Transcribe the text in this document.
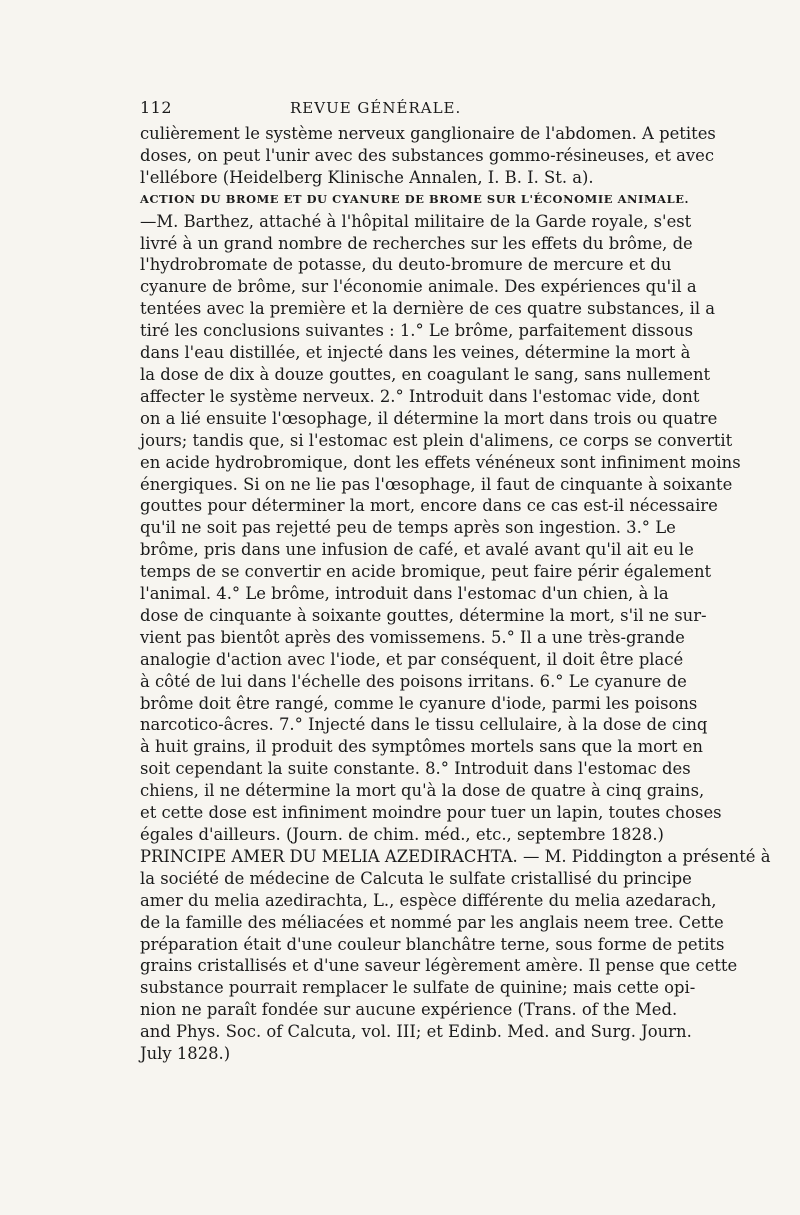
112	REVUE GÉNÉRALE.
culièrement le système nerveux ganglionaire de l'abdomen. A petites
doses, on peut l'unir avec des substances gommo-résineuses, et avec
l'ellébore (Heidelberg Klinische Annalen, I. B. I. St. a).
ACTION DU BROME ET DU CYANURE DE BROME SUR L'ÉCONOMIE ANIMALE.
—M. Barthez, attaché à l'hôpital militaire de la Garde royale, s'est
livré à un grand nombre de recherches sur les effets du brôme, de
l'hydrobromate de potasse, du deuto-bromure de mercure et du
cyanure de brôme, sur l'économie animale. Des expériences qu'il a
tentées avec la première et la dernière de ces quatre substances, il a
tiré les conclusions suivantes : 1.° Le brôme, parfaitement dissous
dans l'eau distillée, et injecté dans les veines, détermine la mort à
la dose de dix à douze gouttes, en coagulant le sang, sans nullement
affecter le système nerveux. 2.° Introduit dans l'estomac vide, dont
on a lié ensuite l'œsophage, il détermine la mort dans trois ou quatre
jours; tandis que, si l'estomac est plein d'alimens, ce corps se convertit
en acide hydrobromique, dont les effets vénéneux sont infiniment moins
énergiques. Si on ne lie pas l'œsophage, il faut de cinquante à soixante
gouttes pour déterminer la mort, encore dans ce cas est-il nécessaire
qu'il ne soit pas rejetté peu de temps après son ingestion. 3.° Le
brôme, pris dans une infusion de café, et avalé avant qu'il ait eu le
temps de se convertir en acide bromique, peut faire périr également
l'animal. 4.° Le brôme, introduit dans l'estomac d'un chien, à la
dose de cinquante à soixante gouttes, détermine la mort, s'il ne sur-
vient pas bientôt après des vomissemens. 5.° Il a une très-grande
analogie d'action avec l'iode, et par conséquent, il doit être placé
à côté de lui dans l'échelle des poisons irritans. 6.° Le cyanure de
brôme doit être rangé, comme le cyanure d'iode, parmi les poisons
narcotico-âcres. 7.° Injecté dans le tissu cellulaire, à la dose de cinq
à huit grains, il produit des symptômes mortels sans que la mort en
soit cependant la suite constante. 8.° Introduit dans l'estomac des
chiens, il ne détermine la mort qu'à la dose de quatre à cinq grains,
et cette dose est infiniment moindre pour tuer un lapin, toutes choses
égales d'ailleurs. (Journ. de chim. méd., etc., septembre 1828.)
PRINCIPE AMER DU MELIA AZEDIRACHTA. — M. Piddington a présenté à
la société de médecine de Calcuta le sulfate cristallisé du principe
amer du melia azedirachta, L., espèce différente du melia azedarach,
de la famille des méliacées et nommé par les anglais neem tree. Cette
préparation était d'une couleur blanchâtre terne, sous forme de petits
grains cristallisés et d'une saveur légèrement amère. Il pense que cette
substance pourrait remplacer le sulfate de quinine; mais cette opi-
nion ne paraît fondée sur aucune expérience (Trans. of the Med.
and Phys. Soc. of Calcuta, vol. III; et Edinb. Med. and Surg. Journ.
July 1828.)
